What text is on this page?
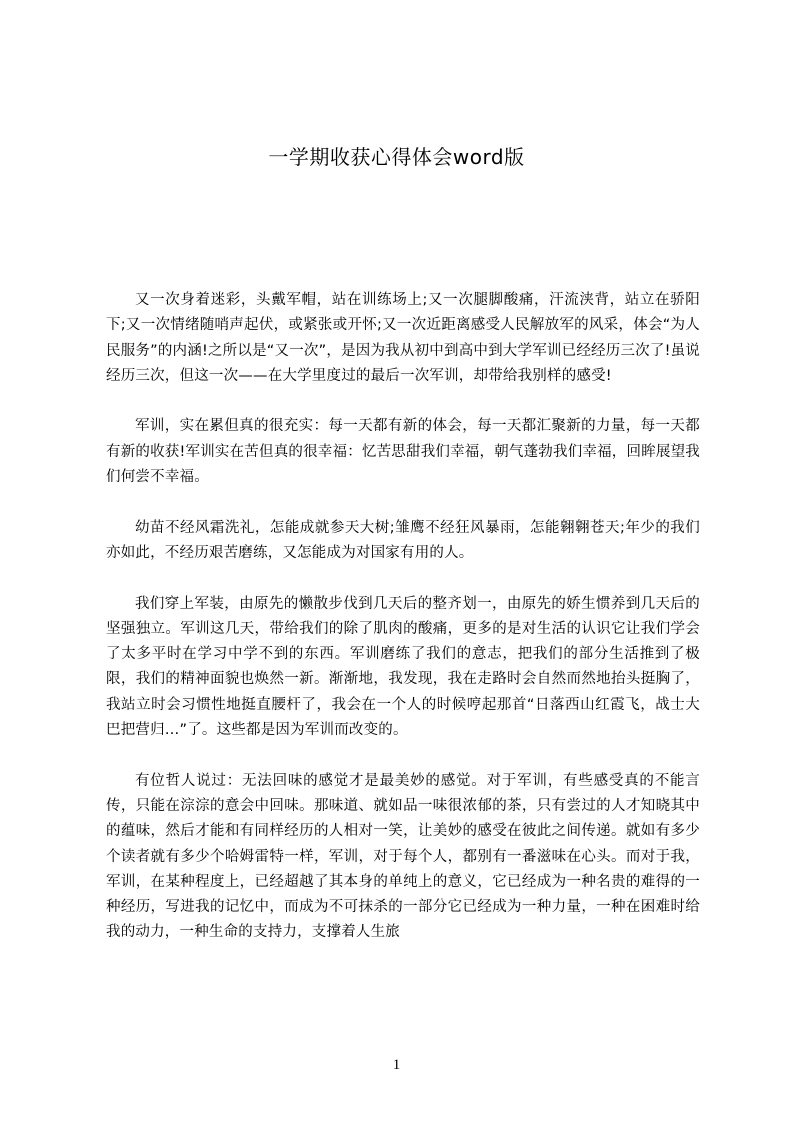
一学期收获心得体会word版

又一次身着迷彩，头戴军帽，站在训练场上;又一次腿脚酸痛，汗流浃背，站立在骄阳下;又一次情绪随哨声起伏，或紧张或开怀;又一次近距离感受人民解放军的风采，体会“为人民服务”的内涵!之所以是“又一次”，是因为我从初中到高中到大学军训已经经历三次了!虽说经历三次，但这一次——在大学里度过的最后一次军训，却带给我别样的感受!

军训，实在累但真的很充实：每一天都有新的体会，每一天都汇聚新的力量，每一天都有新的收获!军训实在苦但真的很幸福：忆苦思甜我们幸福，朝气蓬勃我们幸福，回眸展望我们何尝不幸福。

幼苗不经风霜洗礼，怎能成就参天大树;雏鹰不经狂风暴雨，怎能翱翱苍天;年少的我们亦如此，不经历艰苦磨练，又怎能成为对国家有用的人。

我们穿上军装，由原先的懒散步伐到几天后的整齐划一，由原先的娇生惯养到几天后的坚强独立。军训这几天，带给我们的除了肌肉的酸痛，更多的是对生活的认识它让我们学会了太多平时在学习中学不到的东西。军训磨练了我们的意志，把我们的部分生活推到了极限，我们的精神面貌也焕然一新。渐渐地，我发现，我在走路时会自然而然地抬头挺胸了，我站立时会习惯性地挺直腰杆了，我会在一个人的时候哼起那首“日落西山红霞飞，战士大巴把营归…”了。这些都是因为军训而改变的。

有位哲人说过：无法回味的感觉才是最美妙的感觉。对于军训，有些感受真的不能言传，只能在淙淙的意会中回味。那味道、就如品一味很浓郁的茶，只有尝过的人才知晓其中的蕴味，然后才能和有同样经历的人相对一笑，让美妙的感受在彼此之间传递。就如有多少个读者就有多少个哈姆雷特一样，军训，对于每个人，都别有一番滋味在心头。而对于我，军训，在某种程度上，已经超越了其本身的单纯上的意义，它已经成为一种名贵的难得的一种经历，写进我的记忆中，而成为不可抹杀的一部分它已经成为一种力量，一种在困难时给我的动力，一种生命的支持力，支撑着人生旅

1
